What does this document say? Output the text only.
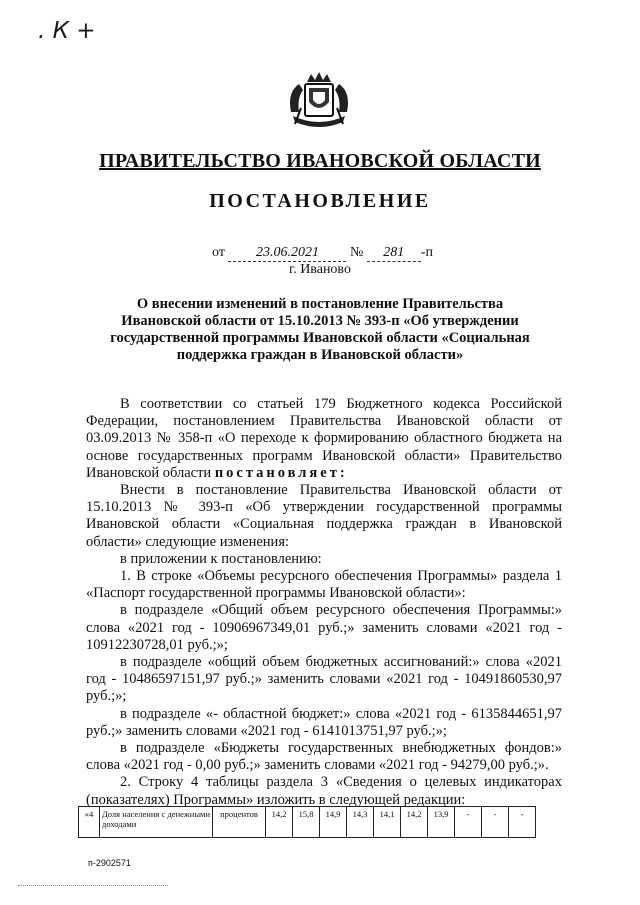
. К +
ПРАВИТЕЛЬСТВО ИВАНОВСКОЙ ОБЛАСТИ
ПОСТАНОВЛЕНИЕ
от 23.06.2021 № 281 -п
г. Иваново
О внесении изменений в постановление Правительства
Ивановской области от 15.10.2013 № 393-п «Об утверждении
государственной программы Ивановской области «Социальная
поддержка граждан в Ивановской области»

В соответствии со статьей 179 Бюджетного кодекса Российской Федерации, постановлением Правительства Ивановской области от 03.09.2013 № 358-п «О переходе к формированию областного бюджета на основе государственных программ Ивановской области» Правительство Ивановской области постановляет:

Внести в постановление Правительства Ивановской области от 15.10.2013 № 393-п «Об утверждении государственной программы Ивановской области «Социальная поддержка граждан в Ивановской области» следующие изменения:

в приложении к постановлению:

1. В строке «Объемы ресурсного обеспечения Программы» раздела 1 «Паспорт государственной программы Ивановской области»:

в подразделе «Общий объем ресурсного обеспечения Программы:» слова «2021 год - 10906967349,01 руб.;» заменить словами «2021 год - 10912230728,01 руб.;»;

в подразделе «общий объем бюджетных ассигнований:» слова «2021 год - 10486597151,97 руб.;» заменить словами «2021 год - 10491860530,97 руб.;»;

в подразделе «- областной бюджет:» слова «2021 год - 6135844651,97 руб.;» заменить словами «2021 год - 6141013751,97 руб.;»;

в подразделе «Бюджеты государственных внебюджетных фондов:» слова «2021 год - 0,00 руб.;» заменить словами «2021 год - 94279,00 руб.;».

2. Строку 4 таблицы раздела 3 «Сведения о целевых индикаторах (показателях) Программы» изложить в следующей редакции:

«4	Доля населения с денежными доходами	процентов	14,2	15,8	14,9	14,3	14,1	14,2	13,9	-	-	-
п-2902571
